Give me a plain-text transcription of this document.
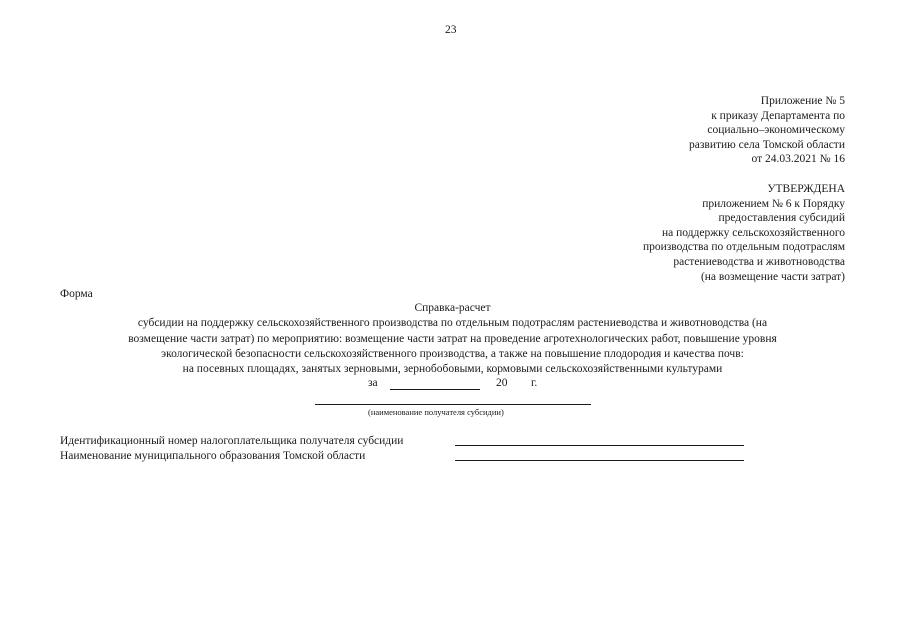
23
Приложение № 5
к приказу Департамента по
социально–экономическому
развитию села Томской области
от 24.03.2021 № 16
УТВЕРЖДЕНА
приложением № 6 к Порядку
предоставления субсидий
на поддержку сельскохозяйственного
производства по отдельным подотраслям
растениеводства и животноводства
(на возмещение части затрат)
Форма
Справка-расчет
субсидии на поддержку сельскохозяйственного производства по отдельным подотраслям растениеводства и животноводства (на
возмещение части затрат) по мероприятию: возмещение части затрат на проведение агротехнологических работ, повышение уровня
экологической безопасности сельскохозяйственного производства, а также на повышение плодородия и качества почв:
на посевных площадях, занятых зерновыми, зернобобовыми, кормовыми сельскохозяйственными культурами
за	20 г.
(наименование получателя субсидии)
Идентификационный номер налогоплательщика получателя субсидии
Наименование муниципального образования Томской области
